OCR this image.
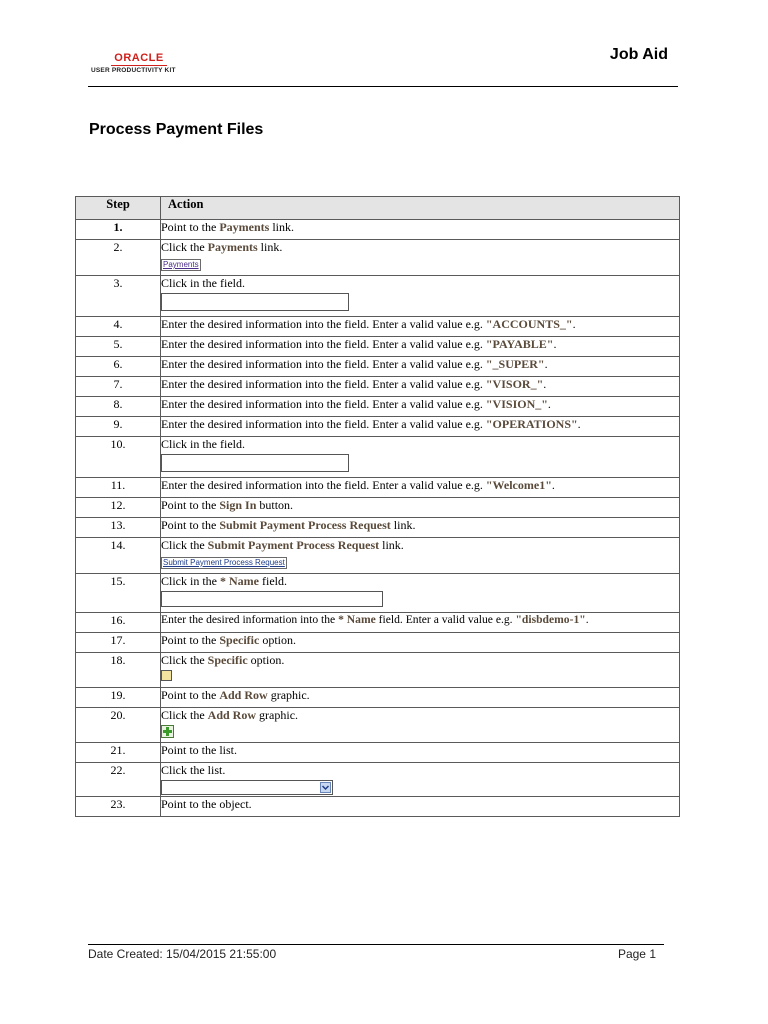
ORACLE
USER PRODUCTIVITY KIT
Job Aid
Process Payment Files
Step	Action
1.	Point to the Payments link.
2.	Click the Payments link.
Payments

3.	Click in the field.

4.	Enter the desired information into the field. Enter a valid value e.g. "ACCOUNTS_".
5.	Enter the desired information into the field. Enter a valid value e.g. "PAYABLE".
6.	Enter the desired information into the field. Enter a valid value e.g. "_SUPER".
7.	Enter the desired information into the field. Enter a valid value e.g. "VISOR_".
8.	Enter the desired information into the field. Enter a valid value e.g. "VISION_".
9.	Enter the desired information into the field. Enter a valid value e.g. "OPERATIONS".
10.	Click in the field.

11.	Enter the desired information into the field. Enter a valid value e.g. "Welcome1".
12.	Point to the Sign In button.
13.	Point to the Submit Payment Process Request link.
14.	Click the Submit Payment Process Request link.
Submit Payment Process Request

15.	Click in the * Name field.

16.	Enter the desired information into the * Name field. Enter a valid value e.g. "disbdemo-1".
17.	Point to the Specific option.
18.	Click the Specific option.

19.	Point to the Add Row graphic.
20.	Click the Add Row graphic.

21.	Point to the list.
22.	Click the list.

23.	Point to the object.
Date Created: 15/04/2015 21:55:00	Page 1
